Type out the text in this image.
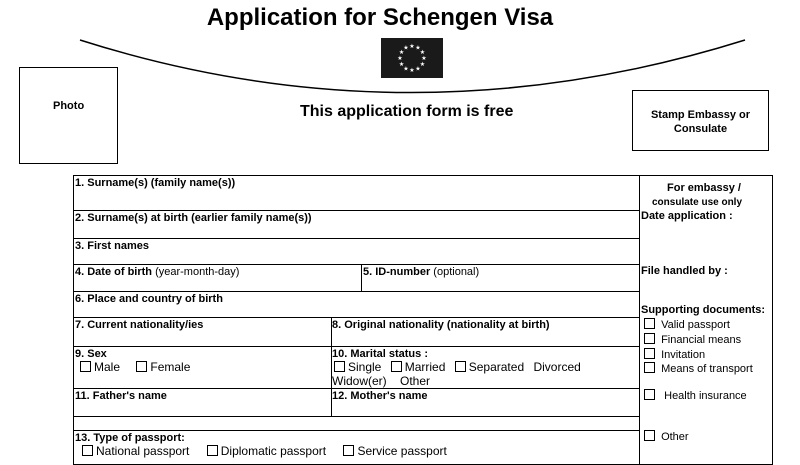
Application for Schengen Visa
★ ★
★
★
★
★
★
★
★
★
★
★
Photo	This application form is free	Stamp Embassy or
Consulate
1. Surname(s) (family name(s))
2. Surname(s) at birth (earlier family name(s))
3. First names
4. Date of birth (year-month-day)	5. ID-number (optional)
6. Place and country of birth
7. Current nationality/ies	8. Original nationality (nationality at birth)
9. Sex
Male	Female
10. Marital status :
Single Married Separated Divorced
Widow(er) Other
11. Father's name	12. Mother's name
13. Type of passport:
National passport	Diplomatic passport	Service passport
For embassy /
consulate use only
Date application :
File handled by :
Supporting documents:
Valid passport
Financial means
Invitation
Means of transport
Health insurance
Other
